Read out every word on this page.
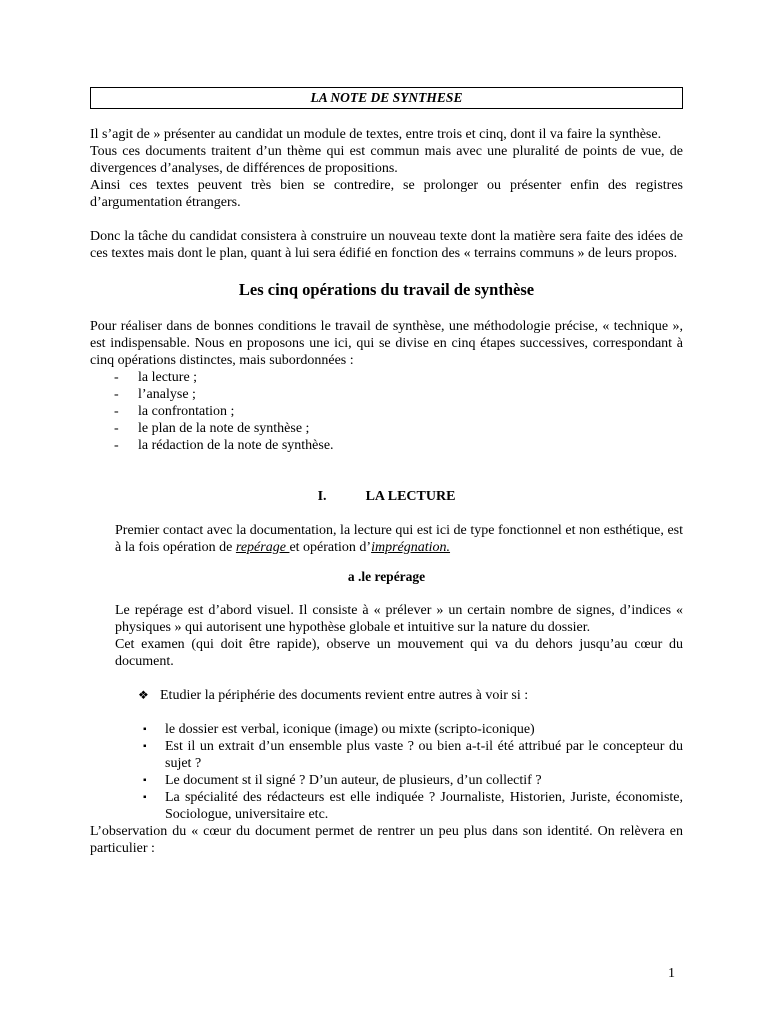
LA NOTE DE SYNTHESE

Il s’agit de » présenter au candidat un module de textes, entre trois et cinq, dont il va faire la synthèse.

Tous ces documents traitent d’un thème qui est commun mais avec une pluralité de points de vue, de divergences d’analyses, de différences de propositions.

Ainsi ces textes peuvent très bien se contredire, se prolonger ou présenter enfin des registres d’argumentation étrangers.

Donc la tâche du candidat consistera à construire un nouveau texte dont la matière sera faite des idées de ces textes mais dont le plan, quant à lui sera édifié en fonction des « terrains communs » de leurs propos.

Les cinq opérations du travail de synthèse

Pour réaliser dans de bonnes conditions le travail de synthèse, une méthodologie précise, « technique », est indispensable. Nous en proposons une ici, qui se divise en cinq étapes successives, correspondant à cinq opérations distinctes, mais subordonnées :

- la lecture ;
- l’analyse ;
- la confrontation ;
- le plan de la note de synthèse ;
- la rédaction de la note de synthèse.
I.	LA LECTURE

Premier contact avec la documentation, la lecture qui est ici de type fonctionnel et non esthétique, est à la fois opération de repérage et opération d’imprégnation.

a .le repérage

Le repérage est d’abord visuel. Il consiste à « prélever » un certain nombre de signes, d’indices « physiques » qui autorisent une hypothèse globale et intuitive sur la nature du dossier.

Cet examen (qui doit être rapide), observe un mouvement qui va du dehors jusqu’au cœur du document.

❖ Etudier la périphérie des documents revient entre autres à voir si :
▪ le dossier est verbal, iconique (image) ou mixte (scripto-iconique)
▪ Est il un extrait d’un ensemble plus vaste ? ou bien a-t-il été attribué par le concepteur du sujet ?
▪ Le document st il signé ? D’un auteur, de plusieurs, d’un collectif ?
▪ La spécialité des rédacteurs est elle indiquée ? Journaliste, Historien, Juriste, économiste, Sociologue, universitaire etc.

L’observation du « cœur du document permet de rentrer un peu plus dans son identité. On relèvera en particulier :

1
